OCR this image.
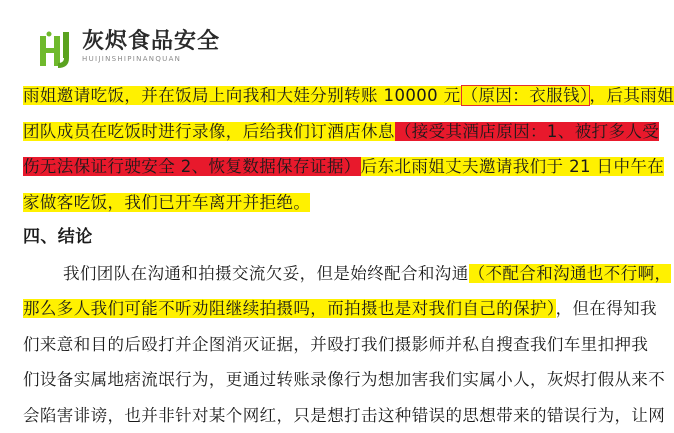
灰烬食品安全
HUIJINSHIPINANQUAN
雨姐邀请吃饭，并在饭局上向我和大娃分别转账 10000 元（原因：衣服钱），后其雨姐
团队成员在吃饭时进行录像，后给我们订酒店休息（接受其酒店原因：1、被打多人受
伤无法保证行驶安全 2、恢复数据保存证据）后东北雨姐丈夫邀请我们于 21 日中午在
家做客吃饭，我们已开车离开并拒绝。
四、结论
我们团队在沟通和拍摄交流欠妥，但是始终配合和沟通（不配合和沟通也不行啊，
那么多人我们可能不听劝阻继续拍摄吗，而拍摄也是对我们自己的保护），但在得知我
们来意和目的后殴打并企图消灭证据，并殴打我们摄影师并私自搜查我们车里扣押我
们设备实属地痞流氓行为，更通过转账录像行为想加害我们实属小人，灰烬打假从来不
会陷害诽谤，也并非针对某个网红，只是想打击这种错误的思想带来的错误行为，让网
